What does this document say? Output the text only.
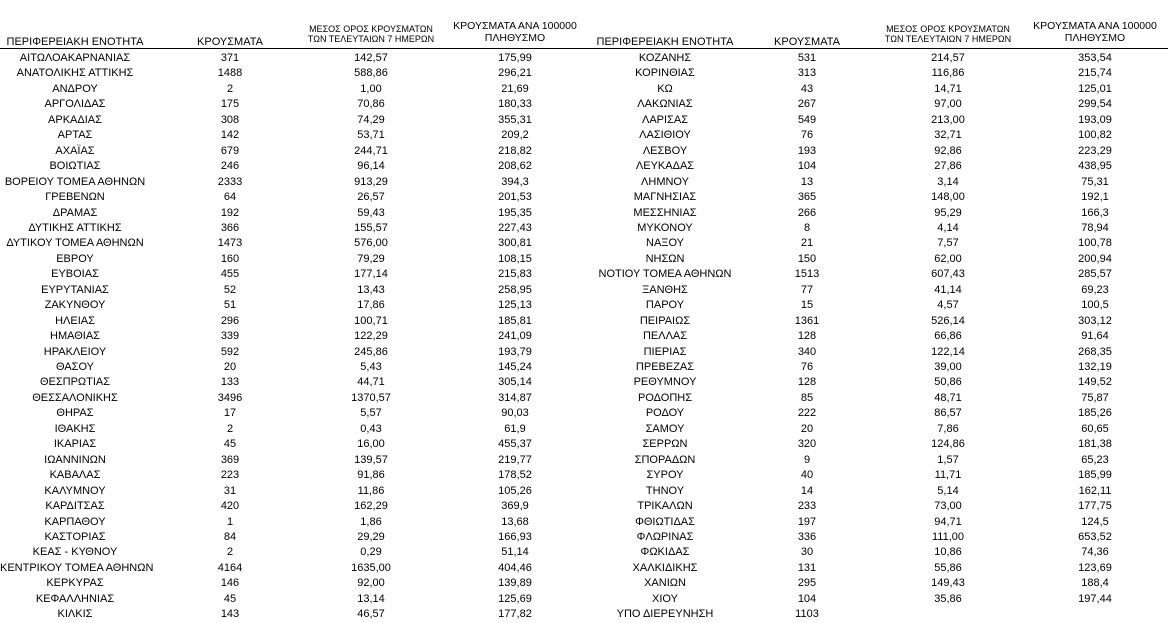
ΠΕΡΙΦΕΡΕΙΑΚΗ ΕΝΟΤΗΤΑ	ΚΡΟΥΣΜΑΤΑ
ΜΕΣΟΣ ΟΡΟΣ ΚΡΟΥΣΜΑΤΩΝ
ΤΩΝ ΤΕΛΕΥΤΑΙΩΝ 7 ΗΜΕΡΩΝ
ΚΡΟΥΣΜΑΤΑ ΑΝΑ 100000
ΠΛΗΘΥΣΜΟ
ΑΙΤΩΛΟΑΚΑΡΝΑΝΙΑΣ	371	142,57	175,99
ΑΝΑΤΟΛΙΚΗΣ ΑΤΤΙΚΗΣ	1488	588,86	296,21
ΑΝΔΡΟΥ	2	1,00	21,69
ΑΡΓΟΛΙΔΑΣ	175	70,86	180,33
ΑΡΚΑΔΙΑΣ	308	74,29	355,31
ΑΡΤΑΣ	142	53,71	209,2
ΑΧΑΪΑΣ	679	244,71	218,82
ΒΟΙΩΤΙΑΣ	246	96,14	208,62
ΒΟΡΕΙΟΥ ΤΟΜΕΑ ΑΘΗΝΩΝ	2333	913,29	394,3
ΓΡΕΒΕΝΩΝ	64	26,57	201,53
ΔΡΑΜΑΣ	192	59,43	195,35
ΔΥΤΙΚΗΣ ΑΤΤΙΚΗΣ	366	155,57	227,43
ΔΥΤΙΚΟΥ ΤΟΜΕΑ ΑΘΗΝΩΝ	1473	576,00	300,81
ΕΒΡΟΥ	160	79,29	108,15
ΕΥΒΟΙΑΣ	455	177,14	215,83
ΕΥΡΥΤΑΝΙΑΣ	52	13,43	258,95
ΖΑΚΥΝΘΟΥ	51	17,86	125,13
ΗΛΕΙΑΣ	296	100,71	185,81
ΗΜΑΘΙΑΣ	339	122,29	241,09
ΗΡΑΚΛΕΙΟΥ	592	245,86	193,79
ΘΑΣΟΥ	20	5,43	145,24
ΘΕΣΠΡΩΤΙΑΣ	133	44,71	305,14
ΘΕΣΣΑΛΟΝΙΚΗΣ	3496	1370,57	314,87
ΘΗΡΑΣ	17	5,57	90,03
ΙΘΑΚΗΣ	2	0,43	61,9
ΙΚΑΡΙΑΣ	45	16,00	455,37
ΙΩΑΝΝΙΝΩΝ	369	139,57	219,77
ΚΑΒΑΛΑΣ	223	91,86	178,52
ΚΑΛΥΜΝΟΥ	31	11,86	105,26
ΚΑΡΔΙΤΣΑΣ	420	162,29	369,9
ΚΑΡΠΑΘΟΥ	1	1,86	13,68
ΚΑΣΤΟΡΙΑΣ	84	29,29	166,93
ΚΕΑΣ - ΚΥΘΝΟΥ	2	0,29	51,14
ΚΕΝΤΡΙΚΟΥ ΤΟΜΕΑ ΑΘΗΝΩΝ	4164	1635,00	404,46
ΚΕΡΚΥΡΑΣ	146	92,00	139,89
ΚΕΦΑΛΛΗΝΙΑΣ	45	13,14	125,69
ΚΙΛΚΙΣ	143	46,57	177,82
ΠΕΡΙΦΕΡΕΙΑΚΗ ΕΝΟΤΗΤΑ	ΚΡΟΥΣΜΑΤΑ
ΜΕΣΟΣ ΟΡΟΣ ΚΡΟΥΣΜΑΤΩΝ
ΤΩΝ ΤΕΛΕΥΤΑΙΩΝ 7 ΗΜΕΡΩΝ
ΚΡΟΥΣΜΑΤΑ ΑΝΑ 100000
ΠΛΗΘΥΣΜΟ
ΚΟΖΑΝΗΣ	531	214,57	353,54
ΚΟΡΙΝΘΙΑΣ	313	116,86	215,74
ΚΩ	43	14,71	125,01
ΛΑΚΩΝΙΑΣ	267	97,00	299,54
ΛΑΡΙΣΑΣ	549	213,00	193,09
ΛΑΣΙΘΙΟΥ	76	32,71	100,82
ΛΕΣΒΟΥ	193	92,86	223,29
ΛΕΥΚΑΔΑΣ	104	27,86	438,95
ΛΗΜΝΟΥ	13	3,14	75,31
ΜΑΓΝΗΣΙΑΣ	365	148,00	192,1
ΜΕΣΣΗΝΙΑΣ	266	95,29	166,3
ΜΥΚΟΝΟΥ	8	4,14	78,94
ΝΑΞΟΥ	21	7,57	100,78
ΝΗΣΩΝ	150	62,00	200,94
ΝΟΤΙΟΥ ΤΟΜΕΑ ΑΘΗΝΩΝ	1513	607,43	285,57
ΞΑΝΘΗΣ	77	41,14	69,23
ΠΑΡΟΥ	15	4,57	100,5
ΠΕΙΡΑΙΩΣ	1361	526,14	303,12
ΠΕΛΛΑΣ	128	66,86	91,64
ΠΙΕΡΙΑΣ	340	122,14	268,35
ΠΡΕΒΕΖΑΣ	76	39,00	132,19
ΡΕΘΥΜΝΟΥ	128	50,86	149,52
ΡΟΔΟΠΗΣ	85	48,71	75,87
ΡΟΔΟΥ	222	86,57	185,26
ΣΑΜΟΥ	20	7,86	60,65
ΣΕΡΡΩΝ	320	124,86	181,38
ΣΠΟΡΑΔΩΝ	9	1,57	65,23
ΣΥΡΟΥ	40	11,71	185,99
ΤΗΝΟΥ	14	5,14	162,11
ΤΡΙΚΑΛΩΝ	233	73,00	177,75
ΦΘΙΩΤΙΔΑΣ	197	94,71	124,5
ΦΛΩΡΙΝΑΣ	336	111,00	653,52
ΦΩΚΙΔΑΣ	30	10,86	74,36
ΧΑΛΚΙΔΙΚΗΣ	131	55,86	123,69
ΧΑΝΙΩΝ	295	149,43	188,4
ΧΙΟΥ	104	35,86	197,44
ΥΠΟ ΔΙΕΡΕΥΝΗΣΗ	1103
